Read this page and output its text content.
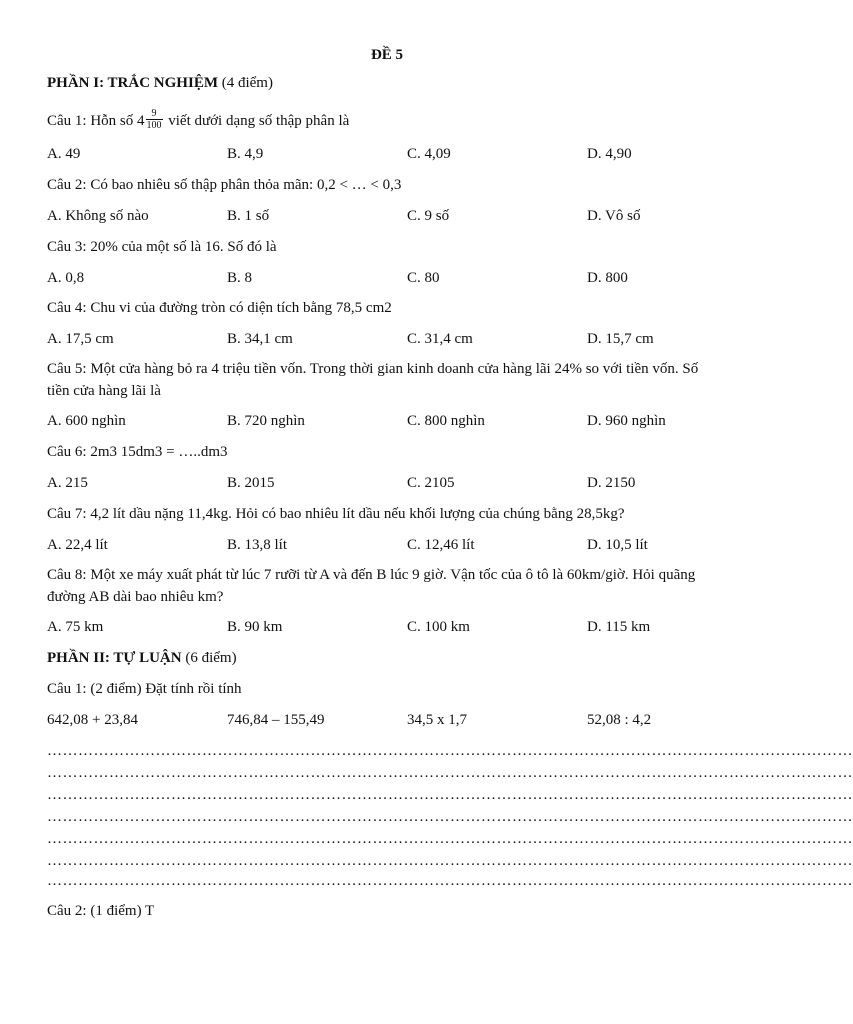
ĐỀ 5
PHẦN I: TRẮC NGHIỆM (4 điểm)
Câu 1: Hỗn số $4 \frac{9}{100}$ viết dưới dạng số thập phân là
A. 49	B. 4,9	C. 4,09	D. 4,90
Câu 2: Có bao nhiêu số thập phân thỏa mãn: 0,2 < … < 0,3
A. Không số nào	B. 1 số	C. 9 số	D. Vô số
Câu 3: 20% của một số là 16. Số đó là
A. 0,8	B. 8	C. 80	D. 800
Câu 4: Chu vi của đường tròn có diện tích bằng 78,5 cm2
A. 17,5 cm	B. 34,1 cm	C. 31,4 cm	D. 15,7 cm
Câu 5: Một cửa hàng bỏ ra 4 triệu tiền vốn. Trong thời gian kinh doanh cửa hàng lãi 24% so với tiền vốn. Số tiền cửa hàng lãi là
A. 600 nghìn	B. 720 nghìn	C. 800 nghìn	D. 960 nghìn
Câu 6: 2m3 15dm3 = …..dm3
A. 215	B. 2015	C. 2105	D. 2150
Câu 7: 4,2 lít dầu nặng 11,4kg. Hỏi có bao nhiêu lít dầu nếu khối lượng của chúng bằng 28,5kg?
A. 22,4 lít	B. 13,8 lít	C. 12,46 lít	D. 10,5 lít
Câu 8: Một xe máy xuất phát từ lúc 7 rưỡi từ A và đến B lúc 9 giờ. Vận tốc của ô tô là 60km/giờ. Hỏi quãng đường AB dài bao nhiêu km?
A. 75 km	B. 90 km	C. 100 km	D. 115 km
PHẦN II: TỰ LUẬN (6 điểm)
Câu 1: (2 điểm) Đặt tính rồi tính
642,08 + 23,84	746,84 – 155,49	34,5 x 1,7	52,08 : 4,2
…………………………………………………………………………………………………………………………………………
…………………………………………………………………………………………………………………………………………
…………………………………………………………………………………………………………………………………………
…………………………………………………………………………………………………………………………………………
…………………………………………………………………………………………………………………………………………
…………………………………………………………………………………………………………………………………………
…………………………………………………………………………………………………………………………………………
Câu 2: (1 điểm) T
